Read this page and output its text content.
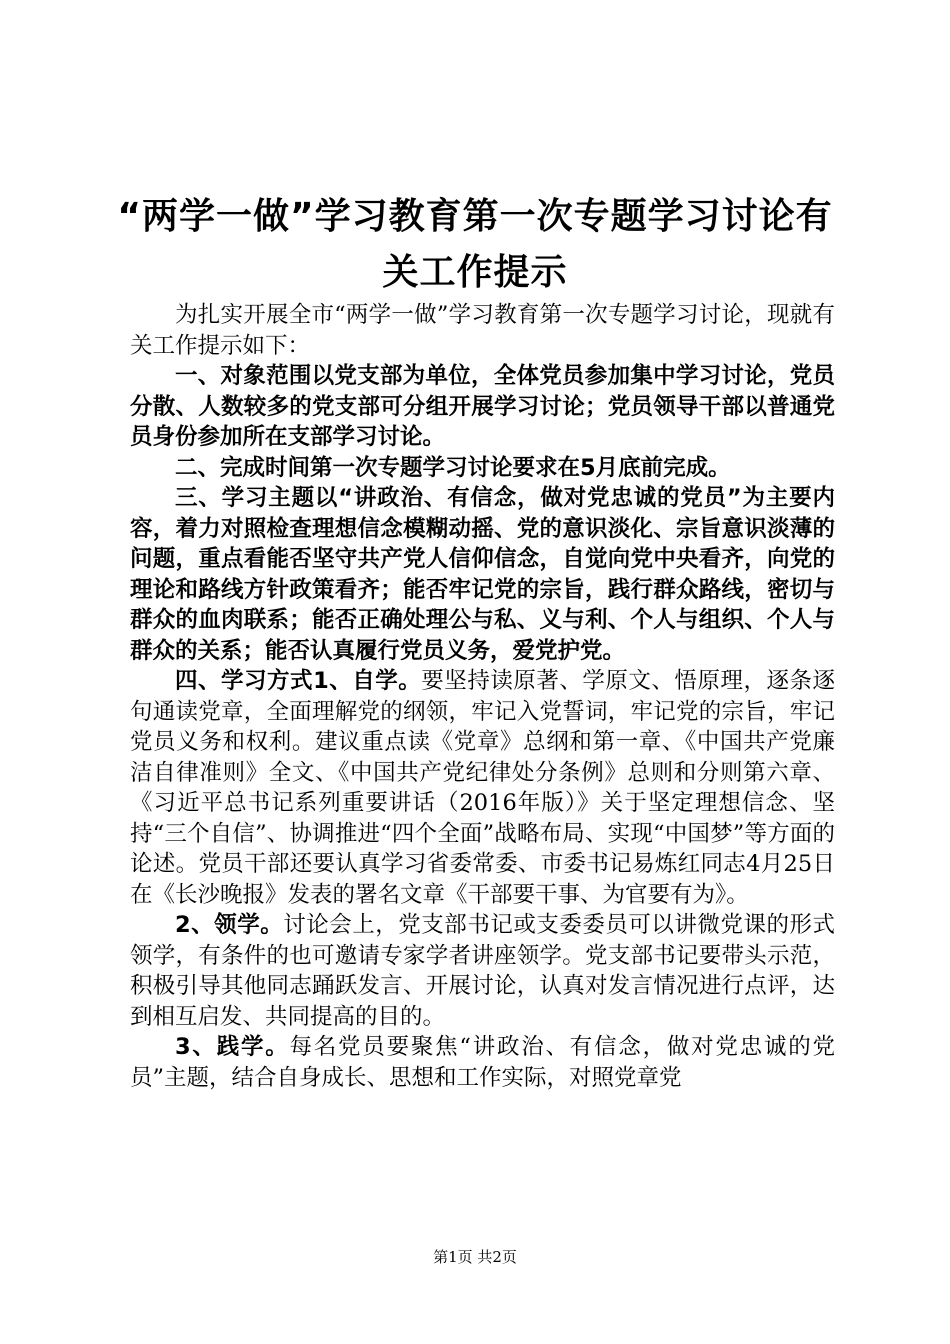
“两学一做”学习教育第一次专题学习讨论有
关工作提示

为扎实开展全市“两学一做”学习教育第一次专题学习讨论，现就有关工作提示如下：

一、对象范围以党支部为单位，全体党员参加集中学习讨论，党员分散、人数较多的党支部可分组开展学习讨论；党员领导干部以普通党员身份参加所在支部学习讨论。

二、完成时间第一次专题学习讨论要求在5月底前完成。

三、学习主题以“讲政治、有信念，做对党忠诚的党员”为主要内容，着力对照检查理想信念模糊动摇、党的意识淡化、宗旨意识淡薄的问题，重点看能否坚守共产党人信仰信念，自觉向党中央看齐，向党的理论和路线方针政策看齐；能否牢记党的宗旨，践行群众路线，密切与群众的血肉联系；能否正确处理公与私、义与利、个人与组织、个人与群众的关系；能否认真履行党员义务，爱党护党。

四、学习方式1、自学。要坚持读原著、学原文、悟原理，逐条逐句通读党章，全面理解党的纲领，牢记入党誓词，牢记党的宗旨，牢记党员义务和权利。建议重点读《党章》总纲和第一章、《中国共产党廉洁自律准则》全文、《中国共产党纪律处分条例》总则和分则第六章、《习近平总书记系列重要讲话（2016年版）》关于坚定理想信念、坚持“三个自信”、协调推进“四个全面”战略布局、实现“中国梦”等方面的论述。党员干部还要认真学习省委常委、市委书记易炼红同志4月25日在《长沙晚报》发表的署名文章《干部要干事、为官要有为》。

2、领学。讨论会上，党支部书记或支委委员可以讲微党课的形式领学，有条件的也可邀请专家学者讲座领学。党支部书记要带头示范，积极引导其他同志踊跃发言、开展讨论，认真对发言情况进行点评，达到相互启发、共同提高的目的。

3、践学。每名党员要聚焦“讲政治、有信念，做对党忠诚的党员”主题，结合自身成长、思想和工作实际，对照党章党

第1页 共2页
